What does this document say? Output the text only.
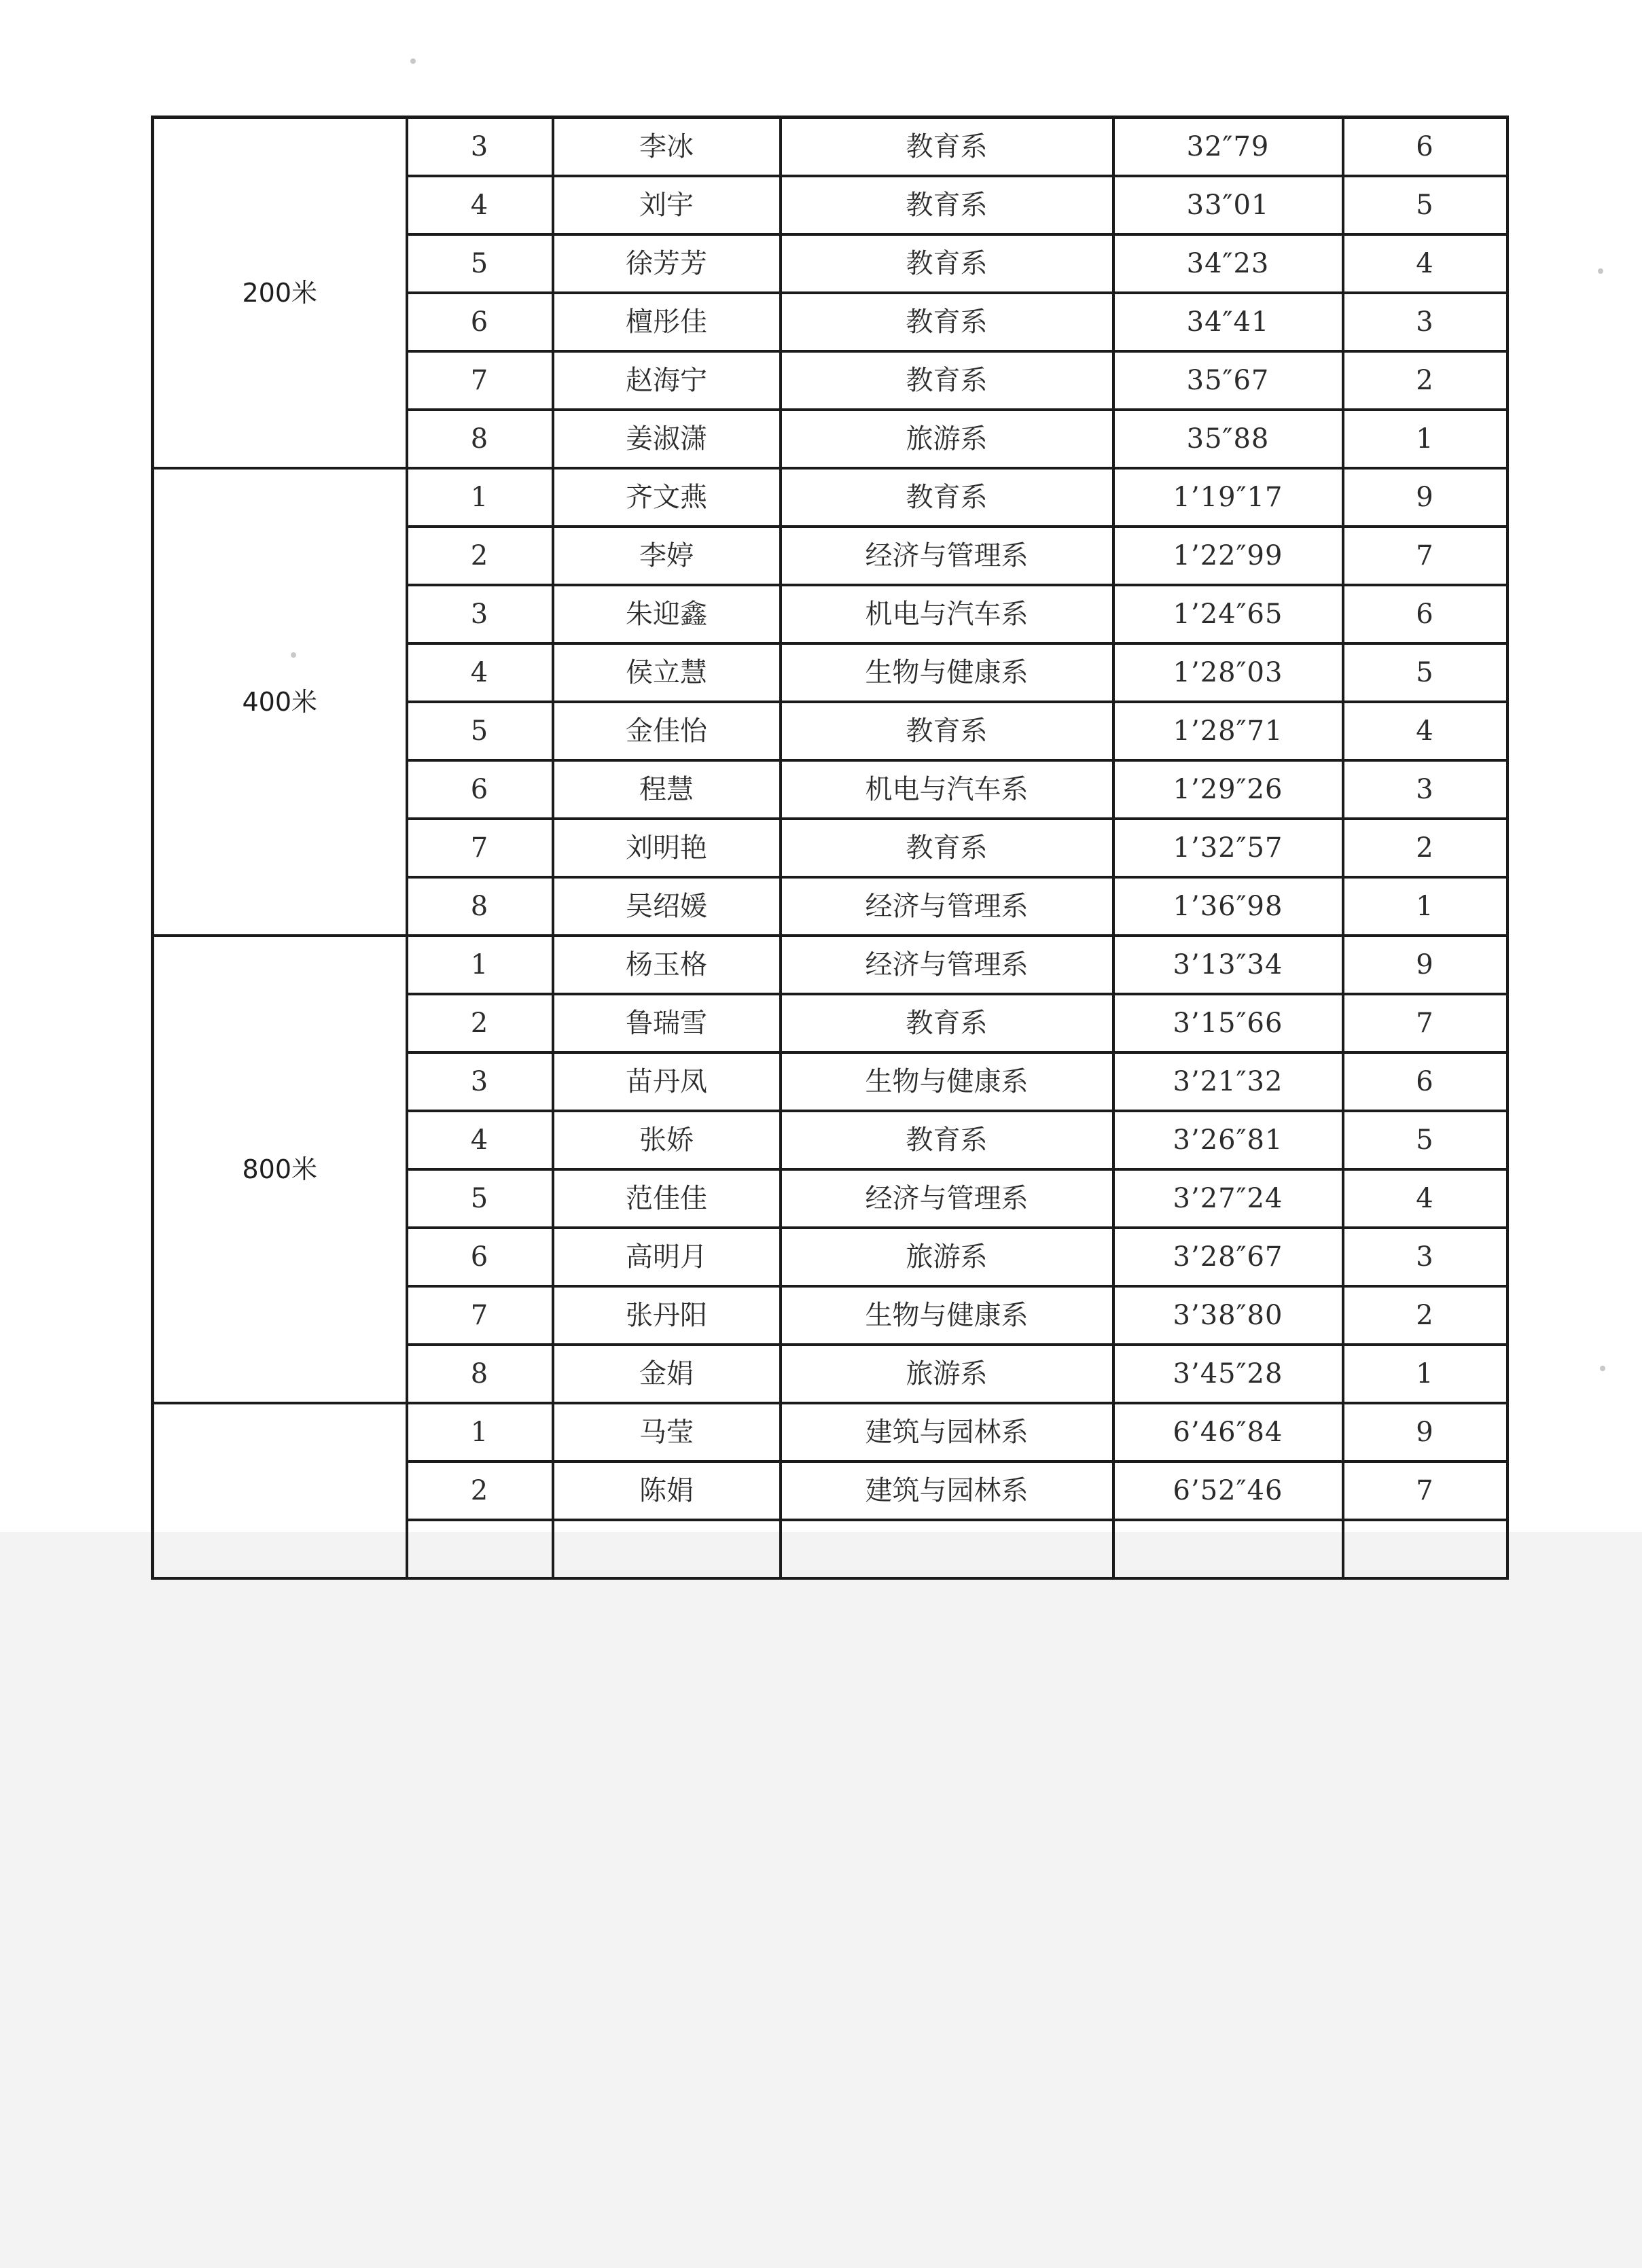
200米	3	李冰	教育系	32″79	6
	4	刘宇	教育系	33″01	5
	5	徐芳芳	教育系	34″23	4
	6	檀彤佳	教育系	34″41	3
	7	赵海宁	教育系	35″67	2
	8	姜淑潇	旅游系	35″88	1
400米	1	齐文燕	教育系	1’19″17	9
	2	李婷	经济与管理系	1’22″99	7
	3	朱迎鑫	机电与汽车系	1’24″65	6
	4	侯立慧	生物与健康系	1’28″03	5
	5	金佳怡	教育系	1’28″71	4
	6	程慧	机电与汽车系	1’29″26	3
	7	刘明艳	教育系	1’32″57	2
	8	吴绍媛	经济与管理系	1’36″98	1
800米	1	杨玉格	经济与管理系	3’13″34	9
	2	鲁瑞雪	教育系	3’15″66	7
	3	苗丹凤	生物与健康系	3’21″32	6
	4	张娇	教育系	3’26″81	5
	5	范佳佳	经济与管理系	3’27″24	4
	6	高明月	旅游系	3’28″67	3
	7	张丹阳	生物与健康系	3’38″80	2
	8	金娟	旅游系	3’45″28	1
	1	马莹	建筑与园林系	6’46″84	9
	2	陈娟	建筑与园林系	6’52″46	7
